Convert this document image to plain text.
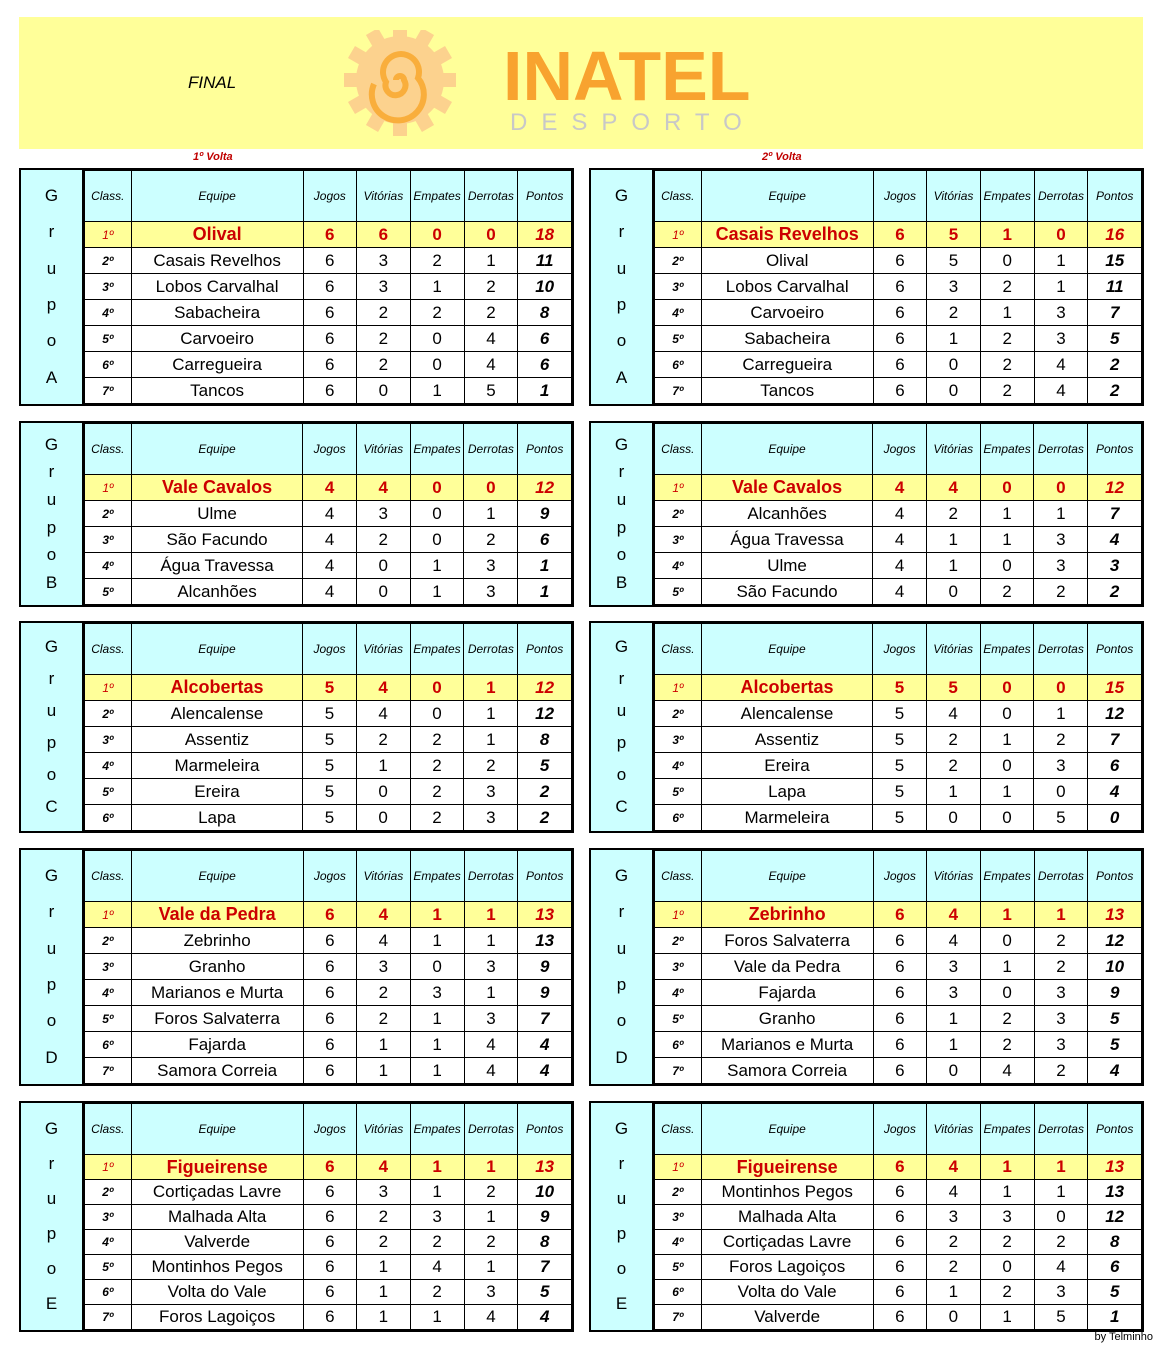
FINAL	INATEL
DESPORTO
1º Volta	2º Volta
G
r
u
p
o
A
Class.	Equipe	Jogos	Vitórias	Empates	Derrotas	Pontos
1º	Olival	6	6	0	0	18
2º	Casais Revelhos	6	3	2	1	11
3º	Lobos Carvalhal	6	3	1	2	10
4º	Sabacheira	6	2	2	2	8
5º	Carvoeiro	6	2	0	4	6
6º	Carregueira	6	2	0	4	6
7º	Tancos	6	0	1	5	1
G
r
u
p
o
B
Class.	Equipe	Jogos	Vitórias	Empates	Derrotas	Pontos
1º	Vale Cavalos	4	4	0	0	12
2º	Ulme	4	3	0	1	9
3º	São Facundo	4	2	0	2	6
4º	Água Travessa	4	0	1	3	1
5º	Alcanhões	4	0	1	3	1
G
r
u
p
o
C
Class.	Equipe	Jogos	Vitórias	Empates	Derrotas	Pontos
1º	Alcobertas	5	4	0	1	12
2º	Alencalense	5	4	0	1	12
3º	Assentiz	5	2	2	1	8
4º	Marmeleira	5	1	2	2	5
5º	Ereira	5	0	2	3	2
6º	Lapa	5	0	2	3	2
G
r
u
p
o
D
Class.	Equipe	Jogos	Vitórias	Empates	Derrotas	Pontos
1º	Vale da Pedra	6	4	1	1	13
2º	Zebrinho	6	4	1	1	13
3º	Granho	6	3	0	3	9
4º	Marianos e Murta	6	2	3	1	9
5º	Foros Salvaterra	6	2	1	3	7
6º	Fajarda	6	1	1	4	4
7º	Samora Correia	6	1	1	4	4
G
r
u
p
o
E
Class.	Equipe	Jogos	Vitórias	Empates	Derrotas	Pontos
1º	Figueirense	6	4	1	1	13
2º	Cortiçadas Lavre	6	3	1	2	10
3º	Malhada Alta	6	2	3	1	9
4º	Valverde	6	2	2	2	8
5º	Montinhos Pegos	6	1	4	1	7
6º	Volta do Vale	6	1	2	3	5
7º	Foros Lagoiços	6	1	1	4	4
G
r
u
p
o
A
Class.	Equipe	Jogos	Vitórias	Empates	Derrotas	Pontos
1º	Casais Revelhos	6	5	1	0	16
2º	Olival	6	5	0	1	15
3º	Lobos Carvalhal	6	3	2	1	11
4º	Carvoeiro	6	2	1	3	7
5º	Sabacheira	6	1	2	3	5
6º	Carregueira	6	0	2	4	2
7º	Tancos	6	0	2	4	2
G
r
u
p
o
B
Class.	Equipe	Jogos	Vitórias	Empates	Derrotas	Pontos
1º	Vale Cavalos	4	4	0	0	12
2º	Alcanhões	4	2	1	1	7
3º	Água Travessa	4	1	1	3	4
4º	Ulme	4	1	0	3	3
5º	São Facundo	4	0	2	2	2
G
r
u
p
o
C
Class.	Equipe	Jogos	Vitórias	Empates	Derrotas	Pontos
1º	Alcobertas	5	5	0	0	15
2º	Alencalense	5	4	0	1	12
3º	Assentiz	5	2	1	2	7
4º	Ereira	5	2	0	3	6
5º	Lapa	5	1	1	0	4
6º	Marmeleira	5	0	0	5	0
G
r
u
p
o
D
Class.	Equipe	Jogos	Vitórias	Empates	Derrotas	Pontos
1º	Zebrinho	6	4	1	1	13
2º	Foros Salvaterra	6	4	0	2	12
3º	Vale da Pedra	6	3	1	2	10
4º	Fajarda	6	3	0	3	9
5º	Granho	6	1	2	3	5
6º	Marianos e Murta	6	1	2	3	5
7º	Samora Correia	6	0	4	2	4
G
r
u
p
o
E
Class.	Equipe	Jogos	Vitórias	Empates	Derrotas	Pontos
1º	Figueirense	6	4	1	1	13
2º	Montinhos Pegos	6	4	1	1	13
3º	Malhada Alta	6	3	3	0	12
4º	Cortiçadas Lavre	6	2	2	2	8
5º	Foros Lagoiços	6	2	0	4	6
6º	Volta do Vale	6	1	2	3	5
7º	Valverde	6	0	1	5	1
by Telminho
